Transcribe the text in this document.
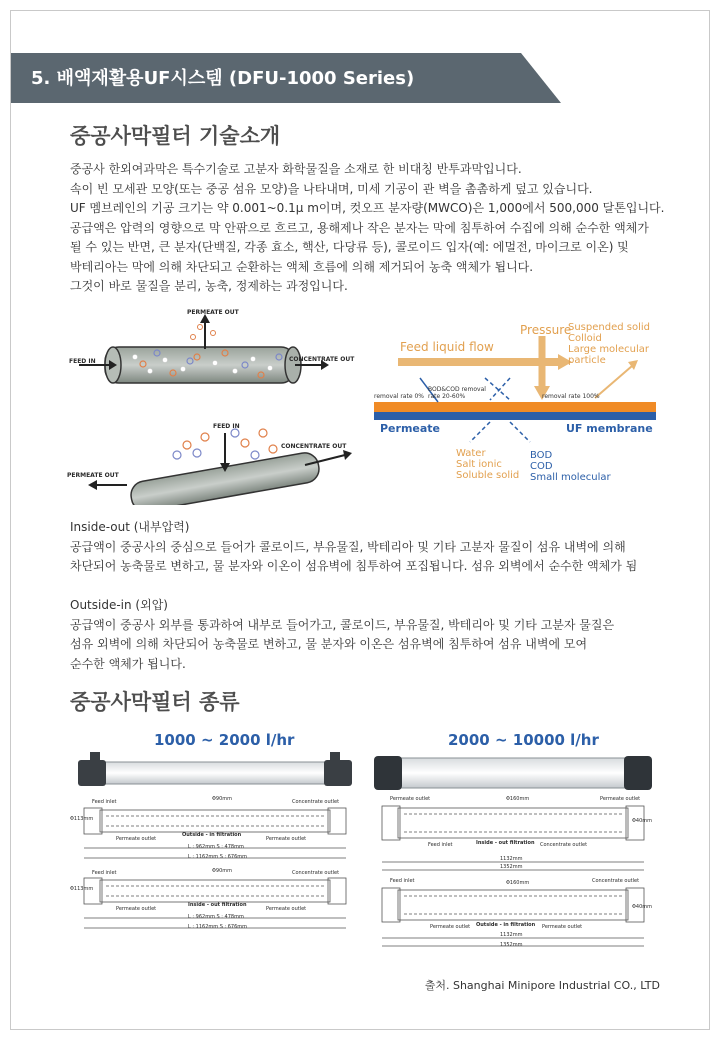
5. 배액재활용UF시스템 (DFU-1000 Series)
중공사막필터 기술소개

중공사 한외여과막은 특수기술로 고분자 화학물질을 소재로 한 비대칭 반투과막입니다.

속이 빈 모세관 모양(또는 중공 섬유 모양)을 나타내며, 미세 기공이 관 벽을 촘촘하게 덮고 있습니다.

UF 멤브레인의 기공 크기는 약 0.001~0.1μ m이며, 컷오프 분자량(MWCO)은 1,000에서 500,000 달톤입니다.

공급액은 압력의 영향으로 막 안팎으로 흐르고, 용해제나 작은 분자는 막에 침투하여 수집에 의해 순수한 액체가

될 수 있는 반면, 큰 분자(단백질, 각종 효소, 핵산, 다당류 등), 콜로이드 입자(예: 에멀전, 마이크로 이온) 및

박테리아는 막에 의해 차단되고 순환하는 액체 흐름에 의해 제거되어 농축 액체가 됩니다.

그것이 바로 물질을 분리, 농축, 정제하는 과정입니다.

PERMEATE OUT
FEED IN	CONCENTRATE OUT
FEED IN
CONCENTRATE OUT
PERMEATE OUT
Feed liquid flow
Pressure
Suspended solid
Colloid
Large molecular
particle
BOD&COD removal
rate 20-60%
removal rate 0%	removal rate 100%
Permeate	UF membrane
Water
Salt ionic
Soluble solid
BOD
COD
Small molecular

Inside-out (내부압력)

공급액이 중공사의 중심으로 들어가 콜로이드, 부유물질, 박테리아 및 기타 고분자 물질이 섬유 내벽에 의해

차단되어 농축물로 변하고, 물 분자와 이온이 섬유벽에 침투하여 포집됩니다. 섬유 외벽에서 순수한 액체가 됨

Outside-in (외압)

공급액이 중공사 외부를 통과하여 내부로 들어가고, 콜로이드, 부유물질, 박테리아 및 기타 고분자 물질은

섬유 외벽에 의해 차단되어 농축물로 변하고, 물 분자와 이온은 섬유벽에 침투하여 섬유 내벽에 모여

순수한 액체가 됩니다.

중공사막필터 종류
1000 ~ 2000 l/hr
Feed inlet	Concentrate outlet
Φ90mm
Φ113mm
Permeate outlet	Permeate outlet
Outside - in filtration
L : 962mm S : 478mm
L : 1162mm S : 676mm
Feed inlet	Concentrate outlet
Φ90mm
Φ113mm
Permeate outlet	Permeate outlet
Inside - out filtration
L : 962mm S : 478mm
L : 1162mm S : 676mm
2000 ~ 10000 l/hr
Permeate outlet	Permeate outlet
Φ160mm
Φ40mm
Feed inlet	Concentrate outlet
Inside - out filtration
1132mm
1352mm
Feed inlet	Concentrate outlet
Φ160mm
Φ40mm
Permeate outlet	Permeate outlet
Outside - in filtration
1132mm
1352mm
출처. Shanghai Minipore Industrial CO., LTD
